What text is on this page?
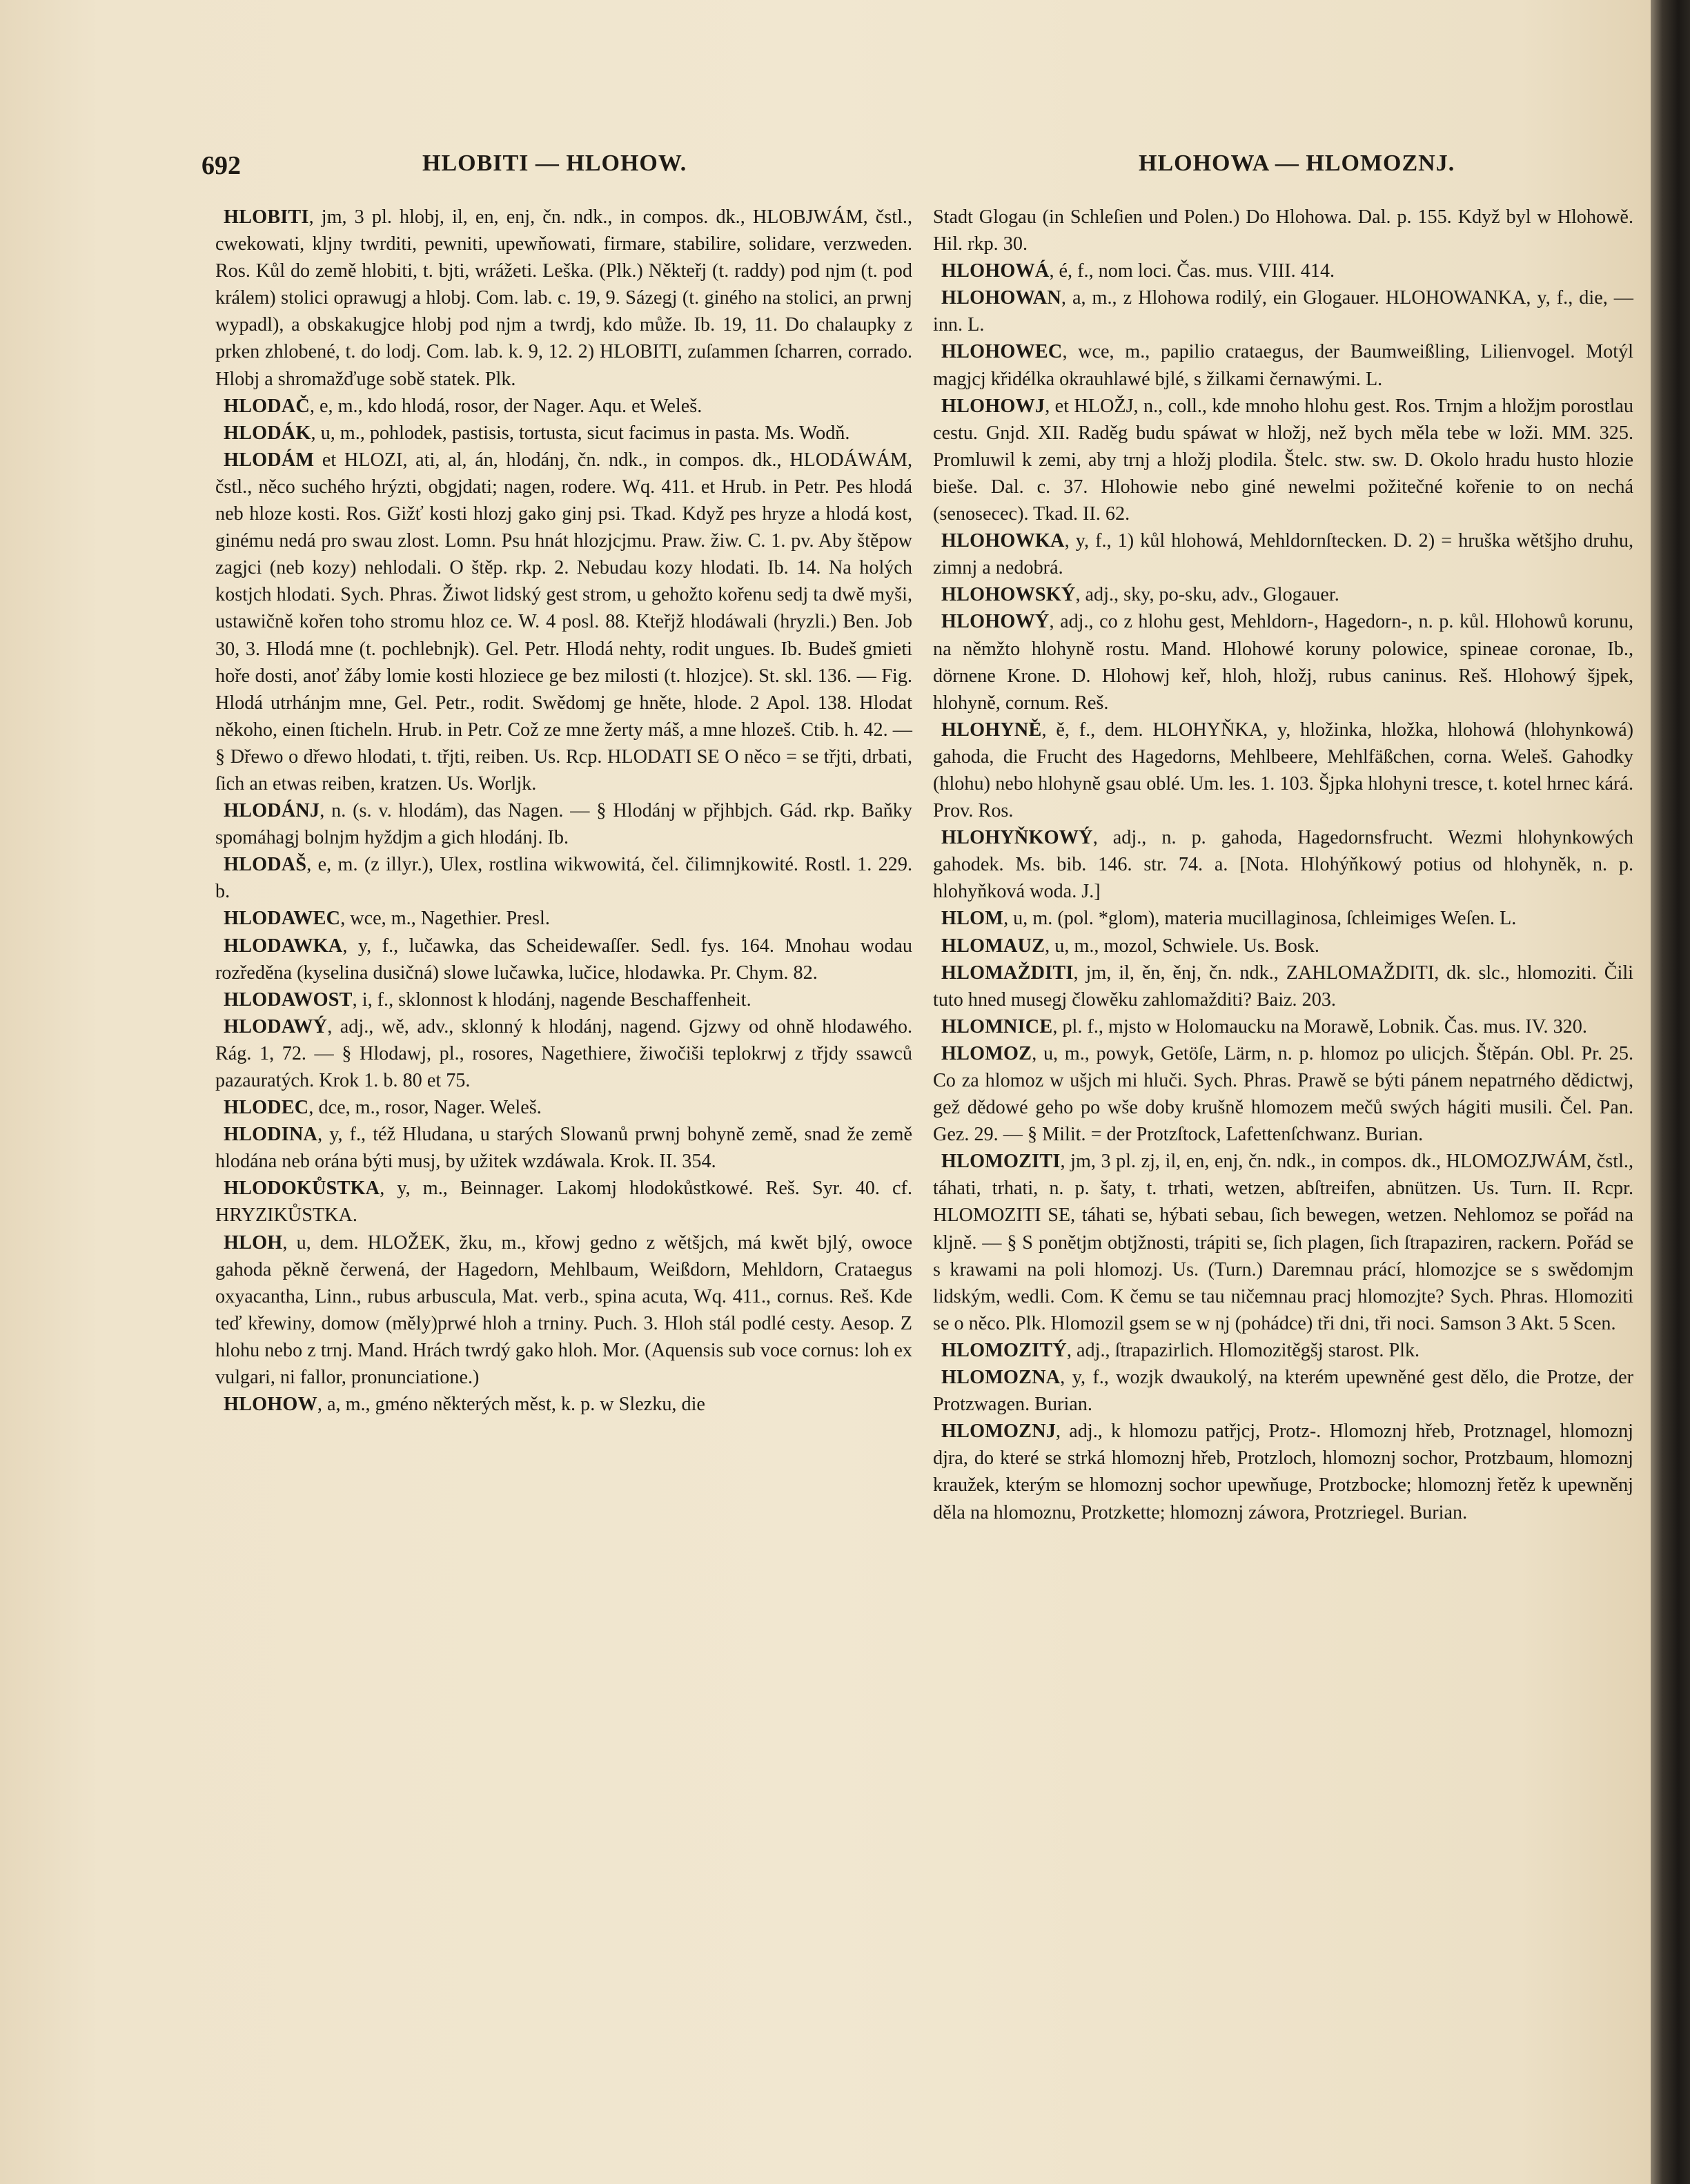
692	HLOBITI — HLOHOW.	HLOHOWA — HLOMOZNJ.

HLOBITI, jm, 3 pl. hlobj, il, en, enj, čn. ndk., in compos. dk., HLOBJWÁM, čstl., cwekowati, kljny twrditi, pewniti, upewňowati, firmare, stabilire, solidare, verzweden. Ros. Kůl do země hlobiti, t. bjti, wrážeti. Leška. (Plk.) Někteřj (t. raddy) pod njm (t. pod králem) stolici oprawugj a hlobj. Com. lab. c. 19, 9. Sázegj (t. giného na stolici, an prwnj wypadl), a obskakugjce hlobj pod njm a twrdj, kdo může. Ib. 19, 11. Do chalaupky z prken zhlobené, t. do lodj. Com. lab. k. 9, 12. 2) HLOBITI, zuſammen ſcharren, corrado. Hlobj a shromažďuge sobě statek. Plk.

HLODAČ, e, m., kdo hlodá, rosor, der Nager. Aqu. et Weleš.

HLODÁK, u, m., pohlodek, pastisis, tortusta, sicut facimus in pasta. Ms. Wodň.

HLODÁM et HLOZI, ati, al, án, hlodánj, čn. ndk., in compos. dk., HLODÁWÁM, čstl., něco suchého hrýzti, obgjdati; nagen, rodere. Wq. 411. et Hrub. in Petr. Pes hlodá neb hloze kosti. Ros. Gižť kosti hlozj gako ginj psi. Tkad. Když pes hryze a hlodá kost, ginému nedá pro swau zlost. Lomn. Psu hnát hlozjcjmu. Praw. žiw. C. 1. pv. Aby štěpow zagjci (neb kozy) nehlodali. O štěp. rkp. 2. Nebudau kozy hlodati. Ib. 14. Na holých kostjch hlodati. Sych. Phras. Žiwot lidský gest strom, u gehožto kořenu sedj ta dwě myši, ustawičně kořen toho stromu hloz ce. W. 4 posl. 88. Kteřjž hlodáwali (hryzli.) Ben. Job 30, 3. Hlodá mne (t. pochlebnjk). Gel. Petr. Hlodá nehty, rodit ungues. Ib. Budeš gmieti hoře dosti, anoť žáby lomie kosti hloziece ge bez milosti (t. hlozjce). St. skl. 136. — Fig. Hlodá utrhánjm mne, Gel. Petr., rodit. Swědomj ge hněte, hlode. 2 Apol. 138. Hlodat někoho, einen ſticheln. Hrub. in Petr. Což ze mne žerty máš, a mne hlozeš. Ctib. h. 42. — § Dřewo o dřewo hlodati, t. třjti, reiben. Us. Rcp. HLODATI SE O něco = se třjti, drbati, ſich an etwas reiben, kratzen. Us. Worljk.

HLODÁNJ, n. (s. v. hlodám), das Nagen. — § Hlodánj w přjhbjch. Gád. rkp. Baňky spomáhagj bolnjm hyždjm a gich hlodánj. Ib.

HLODAŠ, e, m. (z illyr.), Ulex, rostlina wikwowitá, čel. čilimnjkowité. Rostl. 1. 229. b.

HLODAWEC, wce, m., Nagethier. Presl.

HLODAWKA, y, f., lučawka, das Scheidewaſſer. Sedl. fys. 164. Mnohau wodau rozředěna (kyselina dusičná) slowe lučawka, lučice, hlodawka. Pr. Chym. 82.

HLODAWOST, i, f., sklonnost k hlodánj, nagende Beschaffenheit.

HLODAWÝ, adj., wě, adv., sklonný k hlodánj, nagend. Gjzwy od ohně hlodawého. Rág. 1, 72. — § Hlodawj, pl., rosores, Nagethiere, žiwočiši teplokrwj z třjdy ssawců pazauratých. Krok 1. b. 80 et 75.

HLODEC, dce, m., rosor, Nager. Weleš.

HLODINA, y, f., též Hludana, u starých Slowanů prwnj bohyně země, snad že země hlodána neb orána býti musj, by užitek wzdáwala. Krok. II. 354.

HLODOKŮSTKA, y, m., Beinnager. Lakomj hlodokůstkowé. Reš. Syr. 40. cf. HRYZIKŮSTKA.

HLOH, u, dem. HLOŽEK, žku, m., křowj gedno z wětšjch, má kwět bjlý, owoce gahoda pěkně čerwená, der Hagedorn, Mehlbaum, Weißdorn, Mehldorn, Crataegus oxyacantha, Linn., rubus arbuscula, Mat. verb., spina acuta, Wq. 411., cornus. Reš. Kde teď křewiny, domow (měly)prwé hloh a trniny. Puch. 3. Hloh stál podlé cesty. Aesop. Z hlohu nebo z trnj. Mand. Hrách twrdý gako hloh. Mor. (Aquensis sub voce cornus: loh ex vulgari, ni fallor, pronunciatione.)

HLOHOW, a, m., gméno některých měst, k. p. w Slezku, die

Stadt Glogau (in Schleſien und Polen.) Do Hlohowa. Dal. p. 155. Když byl w Hlohowě. Hil. rkp. 30.

HLOHOWÁ, é, f., nom loci. Čas. mus. VIII. 414.

HLOHOWAN, a, m., z Hlohowa rodilý, ein Glogauer. HLOHOWANKA, y, f., die, — inn. L.

HLOHOWEC, wce, m., papilio crataegus, der Baumweißling, Lilienvogel. Motýl magjcj křidélka okrauhlawé bjlé, s žilkami černawými. L.

HLOHOWJ, et HLOŽJ, n., coll., kde mnoho hlohu gest. Ros. Trnjm a hložjm porostlau cestu. Gnjd. XII. Raděg budu spáwat w hložj, než bych měla tebe w loži. MM. 325. Promluwil k zemi, aby trnj a hložj plodila. Štelc. stw. sw. D. Okolo hradu husto hlozie bieše. Dal. c. 37. Hlohowie nebo giné newelmi požitečné kořenie to on nechá (senosecec). Tkad. II. 62.

HLOHOWKA, y, f., 1) kůl hlohowá, Mehldornſtecken. D. 2) = hruška wětšjho druhu, zimnj a nedobrá.

HLOHOWSKÝ, adj., sky, po-sku, adv., Glogauer.

HLOHOWÝ, adj., co z hlohu gest, Mehldorn-, Hagedorn-, n. p. kůl. Hlohowů korunu, na němžto hlohyně rostu. Mand. Hlohowé koruny polowice, spineae coronae, Ib., dörnene Krone. D. Hlohowj keř, hloh, hložj, rubus caninus. Reš. Hlohowý šjpek, hlohyně, cornum. Reš.

HLOHYNĚ, ě, f., dem. HLOHYŇKA, y, hložinka, hložka, hlohowá (hlohynkowá) gahoda, die Frucht des Hagedorns, Mehlbeere, Mehlfäßchen, corna. Weleš. Gahodky (hlohu) nebo hlohyně gsau oblé. Um. les. 1. 103. Šjpka hlohyni tresce, t. kotel hrnec kárá. Prov. Ros.

HLOHYŇKOWÝ, adj., n. p. gahoda, Hagedornsfrucht. Wezmi hlohynkowých gahodek. Ms. bib. 146. str. 74. a. [Nota. Hlohýňkowý potius od hlohyněk, n. p. hlohyňková woda. J.]

HLOM, u, m. (pol. *glom), materia mucillaginosa, ſchleimiges Weſen. L.

HLOMAUZ, u, m., mozol, Schwiele. Us. Bosk.

HLOMAŽDITI, jm, il, ěn, ěnj, čn. ndk., ZAHLOMAŽDITI, dk. slc., hlomoziti. Čili tuto hned musegj člowěku zahlomažditi? Baiz. 203.

HLOMNICE, pl. f., mjsto w Holomaucku na Morawě, Lobnik. Čas. mus. IV. 320.

HLOMOZ, u, m., powyk, Getöſe, Lärm, n. p. hlomoz po ulicjch. Štěpán. Obl. Pr. 25. Co za hlomoz w ušjch mi hluči. Sych. Phras. Prawě se býti pánem nepatrného dědictwj, gež dědowé geho po wše doby krušně hlomozem mečů swých hágiti musili. Čel. Pan. Gez. 29. — § Milit. = der Protzſtock, Lafettenſchwanz. Burian.

HLOMOZITI, jm, 3 pl. zj, il, en, enj, čn. ndk., in compos. dk., HLOMOZJWÁM, čstl., táhati, trhati, n. p. šaty, t. trhati, wetzen, abſtreifen, abnützen. Us. Turn. II. Rcpr. HLOMOZITI SE, táhati se, hýbati sebau, ſich bewegen, wetzen. Nehlomoz se pořád na kljně. — § S ponětjm obtjžnosti, trápiti se, ſich plagen, ſich ſtrapaziren, rackern. Pořád se s krawami na poli hlomozj. Us. (Turn.) Daremnau prácí, hlomozjce se s swědomjm lidským, wedli. Com. K čemu se tau ničemnau pracj hlomozjte? Sych. Phras. Hlomoziti se o něco. Plk. Hlomozil gsem se w nj (pohádce) tři dni, tři noci. Samson 3 Akt. 5 Scen.

HLOMOZITÝ, adj., ſtrapazirlich. Hlomozitěgšj starost. Plk.

HLOMOZNA, y, f., wozjk dwaukolý, na kterém upewněné gest dělo, die Protze, der Protzwagen. Burian.

HLOMOZNJ, adj., k hlomozu patřjcj, Protz-. Hlomoznj hřeb, Protznagel, hlomoznj djra, do které se strká hlomoznj hřeb, Protzloch, hlomoznj sochor, Protzbaum, hlomoznj kraužek, kterým se hlomoznj sochor upewňuge, Protzbocke; hlomoznj řetěz k upewněnj děla na hlomoznu, Protzkette; hlomoznj záwora, Protzriegel. Burian.
